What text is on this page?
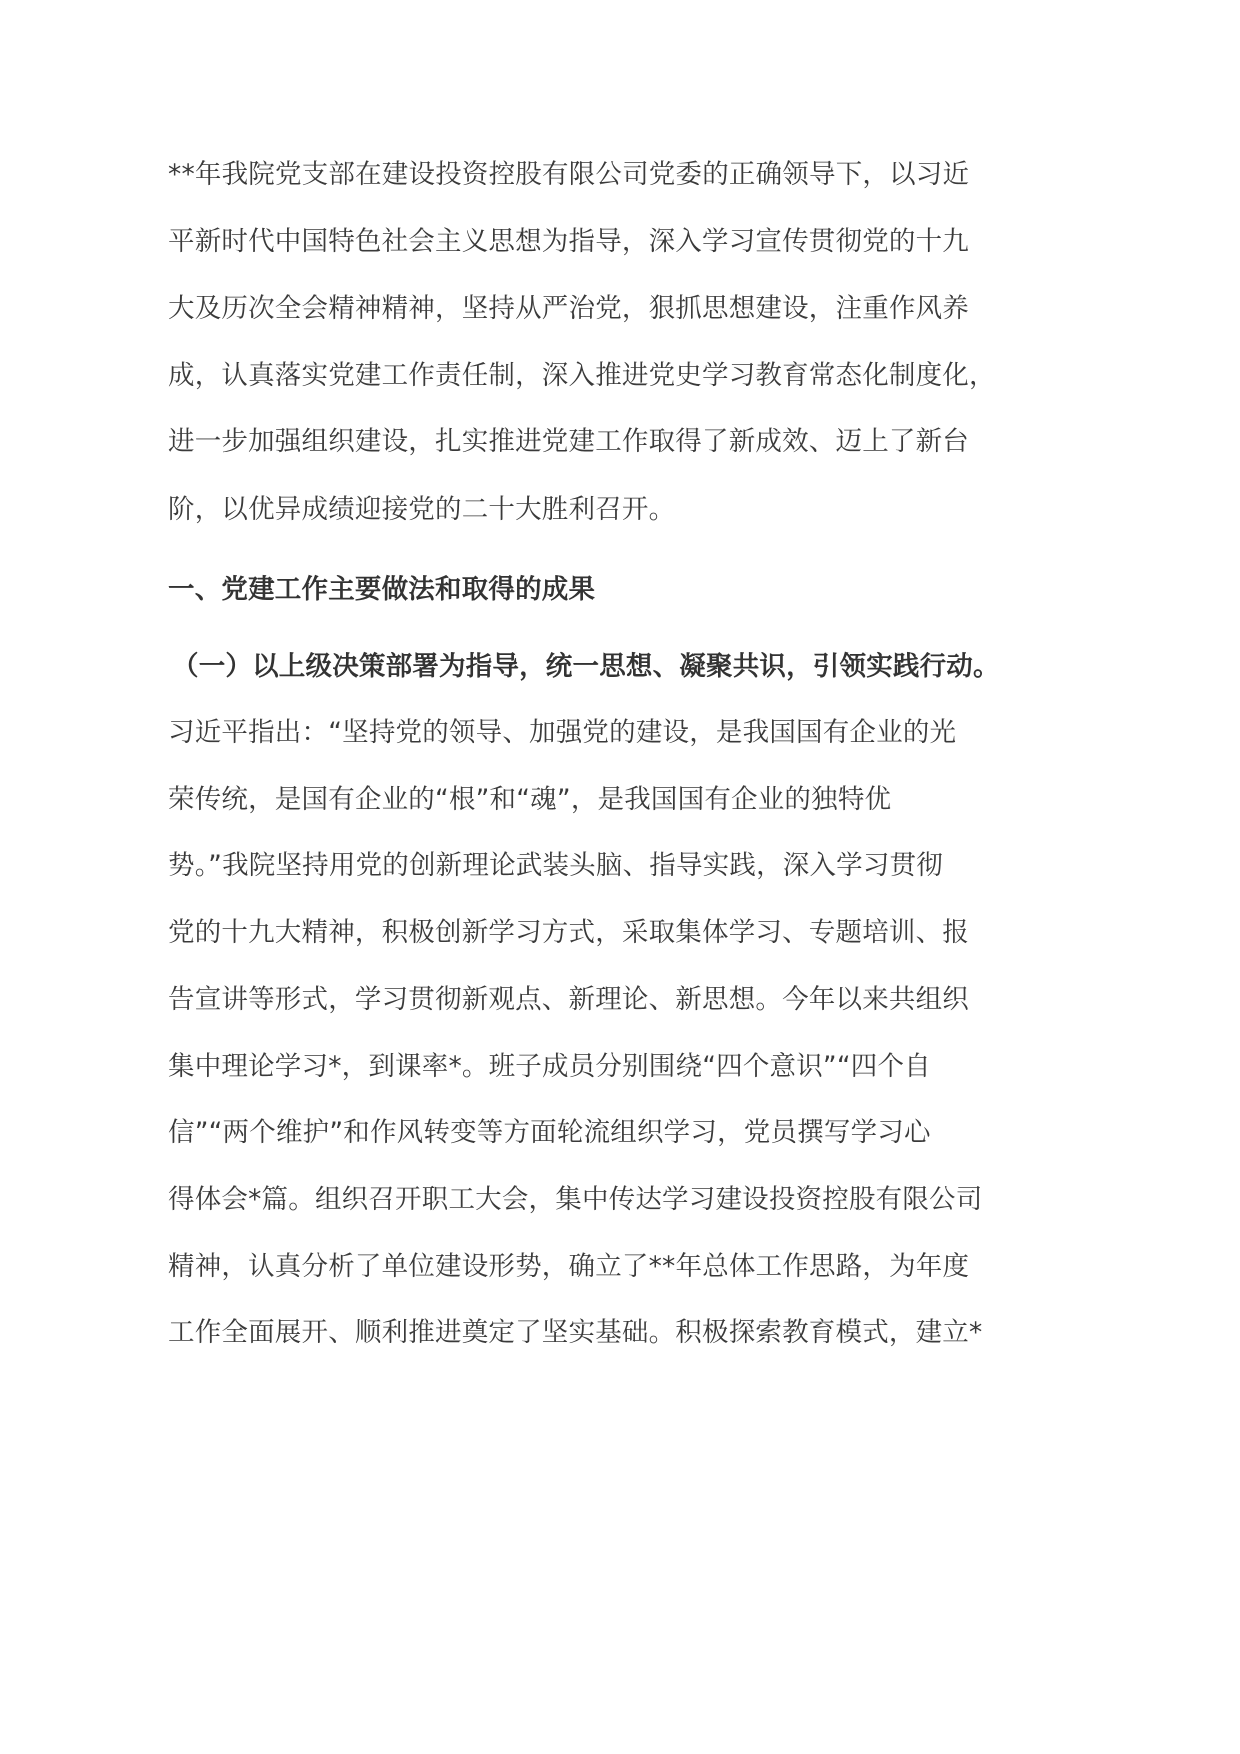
**年我院党支部在建设投资控股有限公司党委的正确领导下，以习近
平新时代中国特色社会主义思想为指导，深入学习宣传贯彻党的十九
大及历次全会精神精神，坚持从严治党，狠抓思想建设，注重作风养
成，认真落实党建工作责任制，深入推进党史学习教育常态化制度化，
进一步加强组织建设，扎实推进党建工作取得了新成效、迈上了新台
阶，以优异成绩迎接党的二十大胜利召开。
一、党建工作主要做法和取得的成果
（一）以上级决策部署为指导，统一思想、凝聚共识，引领实践行动。
习近平指出：“坚持党的领导、加强党的建设，是我国国有企业的光
荣传统，是国有企业的“根”和“魂”，是我国国有企业的独特优
势。”我院坚持用党的创新理论武装头脑、指导实践，深入学习贯彻
党的十九大精神，积极创新学习方式，采取集体学习、专题培训、报
告宣讲等形式，学习贯彻新观点、新理论、新思想。今年以来共组织
集中理论学习*，到课率*。班子成员分别围绕“四个意识”“四个自
信”“两个维护”和作风转变等方面轮流组织学习，党员撰写学习心
得体会*篇。组织召开职工大会，集中传达学习建设投资控股有限公司
精神，认真分析了单位建设形势，确立了**年总体工作思路，为年度
工作全面展开、顺利推进奠定了坚实基础。积极探索教育模式，建立*
